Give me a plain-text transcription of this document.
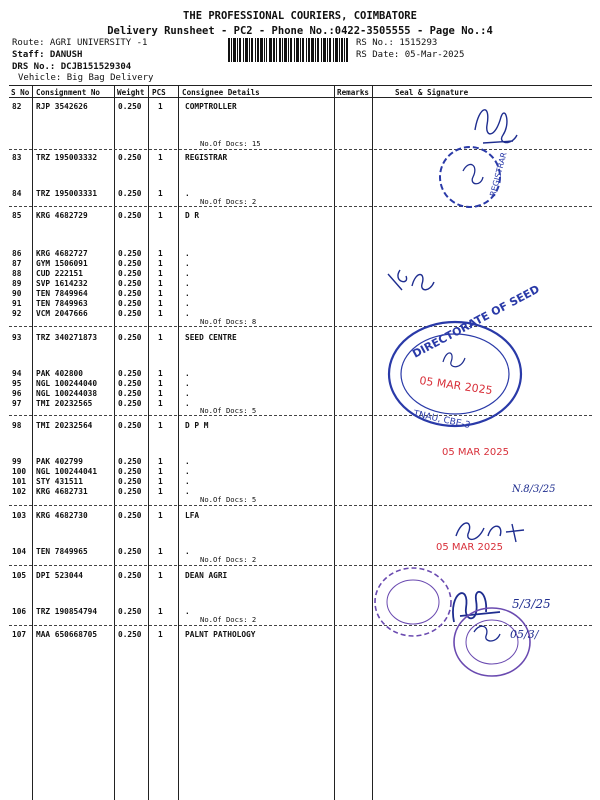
THE PROFESSIONAL COURIERS, COIMBATORE
Delivery Runsheet - PC2 - Phone No.:0422-3505555 - Page No.:4
Route: AGRI UNIVERSITY -1
Staff: DANUSH
DRS No.: DCJB151529304
Vehicle: Big Bag Delivery
RS No.: 1515293
RS Date: 05-Mar-2025
S No Consignment No Weight PCS Consignee Details	Remarks	Seal & Signature
82 RJP 3542626	0.250 1	COMPTROLLER
83 TRZ 195003332	0.250 1	REGISTRAR
84 TRZ 195003331	0.250 1	.
85 KRG 4682729	0.250 1	D R
86 KRG 4682727	0.250 1	.
87 GYM 1506091	0.250 1	.
88 CUD 222151	0.250 1	.
89 SVP 1614232	0.250 1	.
90 TEN 7849964	0.250 1	.
91 TEN 7849963	0.250 1	.
92 VCM 2047666	0.250 1	.
93 TRZ 340271873	0.250 1	SEED CENTRE
94 PAK 402800	0.250 1	.
95 NGL 100244040	0.250 1	.
96 NGL 100244038	0.250 1	.
97 TMI 20232565	0.250 1	.
98 TMI 20232564	0.250 1	D P M
99 PAK 402799	0.250 1	.
100 NGL 100244041	0.250 1	.
101 STY 431511	0.250 1	.
102 KRG 4682731	0.250 1	.
103 KRG 4682730	0.250 1	LFA
104 TEN 7849965	0.250 1	.
105 DPI 523044	0.250 1	DEAN AGRI
106 TRZ 190854794	0.250 1	.
107 MAA 650668705	0.250 1	PALNT PATHOLOGY
No.Of Docs: 15
No.Of Docs: 2
No.Of Docs: 8
No.Of Docs: 5
No.Of Docs: 5
No.Of Docs: 2
No.Of Docs: 2
REGISTRAR
DIRECTORATE OF SEED
05 MAR 2025
TNAU, CBE-3
05 MAR 2025
N.8/3/25
05 MAR 2025
5/3/25
05/3/
